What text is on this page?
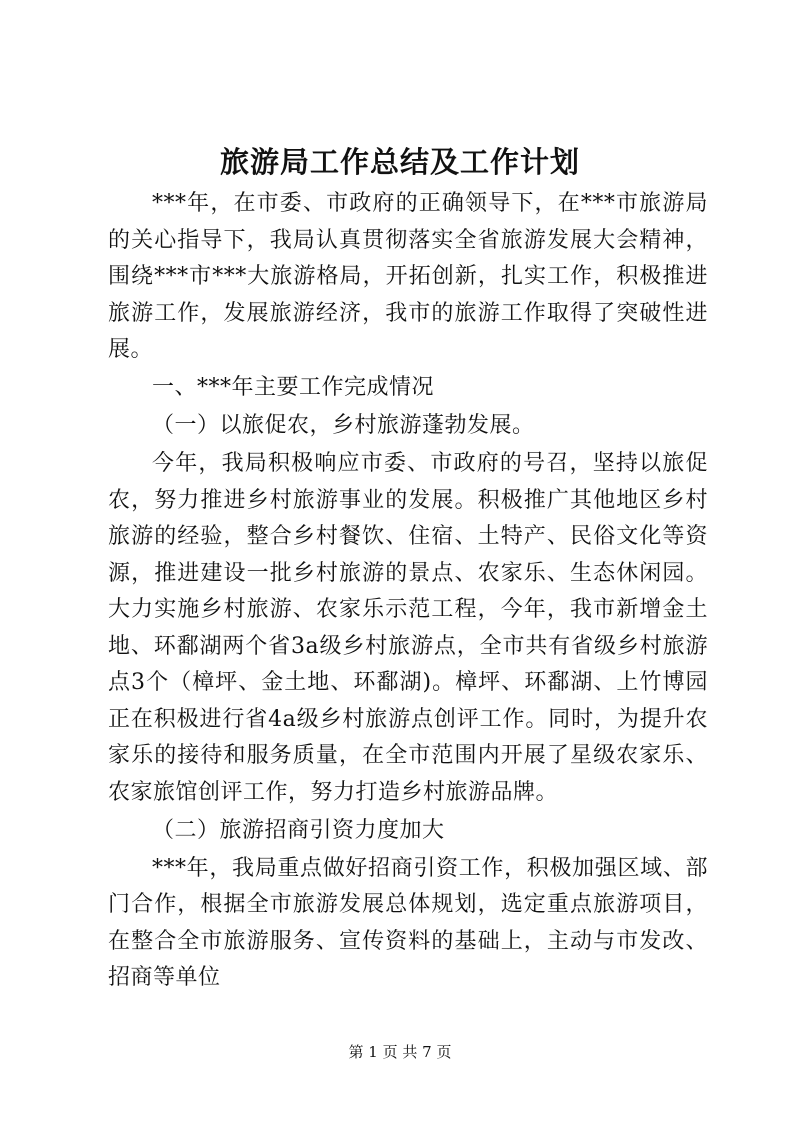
旅游局工作总结及工作计划

***年，在市委、市政府的正确领导下，在***市旅游局的关心指导下，我局认真贯彻落实全省旅游发展大会精神，围绕***市***大旅游格局，开拓创新，扎实工作，积极推进旅游工作，发展旅游经济，我市的旅游工作取得了突破性进展。

一、***年主要工作完成情况

（一）以旅促农，乡村旅游蓬勃发展。

今年，我局积极响应市委、市政府的号召，坚持以旅促农，努力推进乡村旅游事业的发展。积极推广其他地区乡村旅游的经验，整合乡村餐饮、住宿、土特产、民俗文化等资源，推进建设一批乡村旅游的景点、农家乐、生态休闲园。大力实施乡村旅游、农家乐示范工程，今年，我市新增金土地、环鄱湖两个省3a级乡村旅游点，全市共有省级乡村旅游点3个（樟坪、金土地、环鄱湖)。樟坪、环鄱湖、上竹博园正在积极进行省4a级乡村旅游点创评工作。同时，为提升农家乐的接待和服务质量，在全市范围内开展了星级农家乐、农家旅馆创评工作，努力打造乡村旅游品牌。

（二）旅游招商引资力度加大

***年，我局重点做好招商引资工作，积极加强区域、部门合作，根据全市旅游发展总体规划，选定重点旅游项目，在整合全市旅游服务、宣传资料的基础上，主动与市发改、招商等单位

第 1 页 共 7 页
